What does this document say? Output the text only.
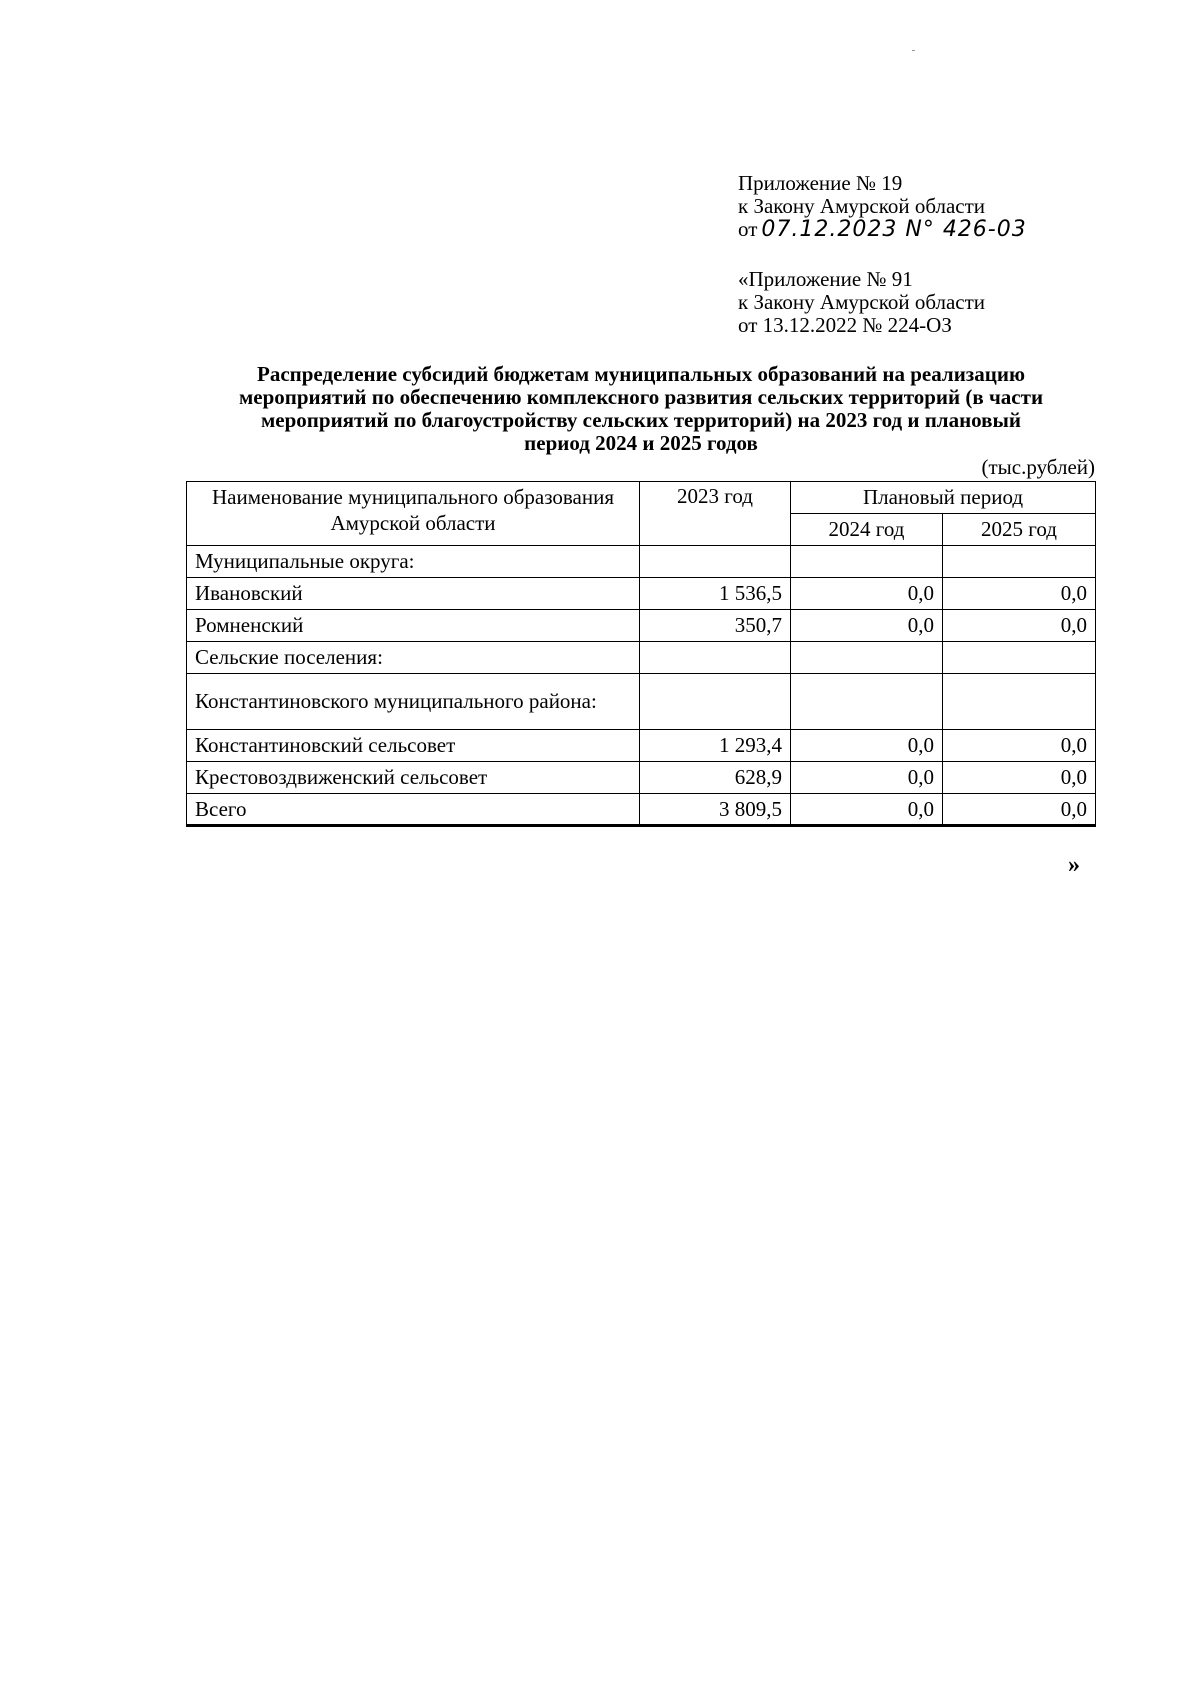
Приложение № 19
к Закону Амурской области
от 07.12.2023 N° 426-03
«Приложение № 91
к Закону Амурской области
от 13.12.2022 № 224-ОЗ
Распределение субсидий бюджетам муниципальных образований на реализацию
мероприятий по обеспечению комплексного развития сельских территорий (в части
мероприятий по благоустройству сельских территорий) на 2023 год и плановый
период 2024 и 2025 годов
(тыс.рублей)
Наименование муниципального образования Амурской области	2023 год	Плановый период	
		2024 год	2025 год
Муниципальные округа:			
Ивановский	1 536,5	0,0	0,0
Ромненский	350,7	0,0	0,0
Сельские поселения:			
Константиновского муниципального района:			
Константиновский сельсовет	1 293,4	0,0	0,0
Крестовоздвиженский сельсовет	628,9	0,0	0,0
Всего	3 809,5	0,0	0,0
»
